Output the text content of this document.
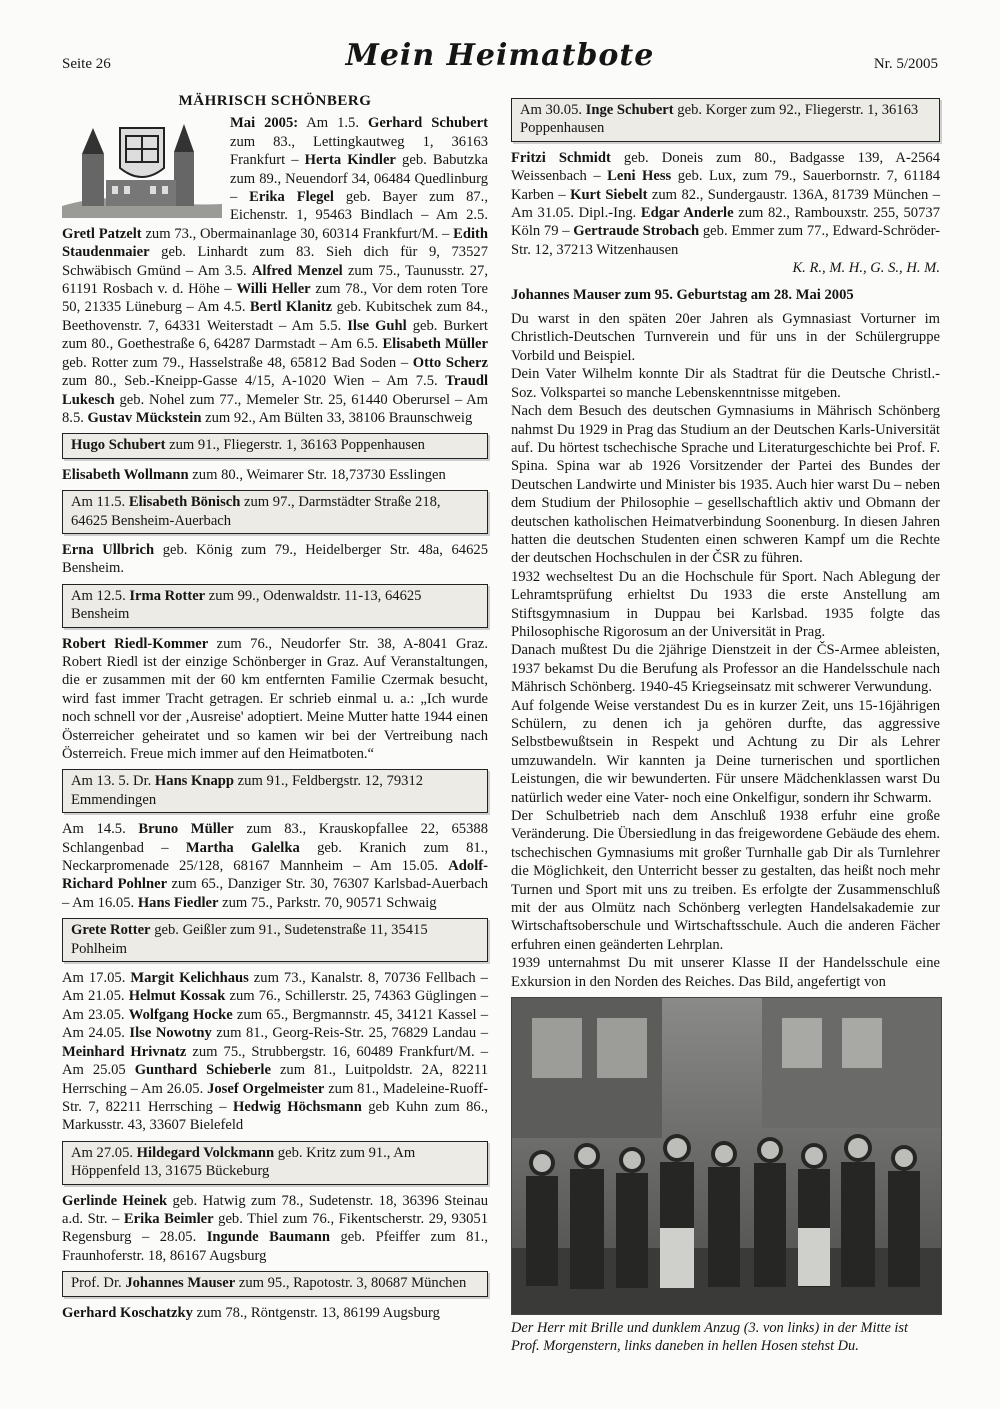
Seite 26	Mein Heimatbote	Nr. 5/2005
MÄHRISCH SCHÖNBERG

Mai 2005: Am 1.5. Gerhard Schubert zum 83., Lettingkautweg 1, 36163 Frankfurt – Herta Kindler geb. Babutzka zum 89., Neuendorf 34, 06484 Quedlinburg – Erika Flegel geb. Bayer zum 87., Eichenstr. 1, 95463 Bindlach – Am 2.5. Gretl Patzelt zum 73., Obermainanlage 30, 60314 Frankfurt/M. – Edith Staudenmaier geb. Linhardt zum 83. Sieh dich für 9, 73527 Schwäbisch Gmünd – Am 3.5. Alfred Menzel zum 75., Taunusstr. 27, 61191 Rosbach v. d. Höhe – Willi Heller zum 78., Vor dem roten Tore 50, 21335 Lüneburg – Am 4.5. Bertl Klanitz geb. Kubitschek zum 84., Beethovenstr. 7, 64331 Weiterstadt – Am 5.5. Ilse Guhl geb. Burkert zum 80., Goethestraße 6, 64287 Darmstadt – Am 6.5. Elisabeth Müller geb. Rotter zum 79., Hasselstraße 48, 65812 Bad Soden – Otto Scherz zum 80., Seb.-Kneipp-Gasse 4/15, A-1020 Wien – Am 7.5. Traudl Lukesch geb. Nohel zum 77., Memeler Str. 25, 61440 Oberursel – Am 8.5. Gustav Mückstein zum 92., Am Bülten 33, 38106 Braunschweig

Hugo Schubert zum 91., Fliegerstr. 1, 36163 Poppenhausen

Elisabeth Wollmann zum 80., Weimarer Str. 18,73730 Esslingen

Am 11.5. Elisabeth Bönisch zum 97., Darmstädter Straße 218, 64625 Bensheim-Auerbach

Erna Ullbrich geb. König zum 79., Heidelberger Str. 48a, 64625 Bensheim.

Am 12.5. Irma Rotter zum 99., Odenwaldstr. 11-13, 64625 Bensheim

Robert Riedl-Kommer zum 76., Neudorfer Str. 38, A-8041 Graz. Robert Riedl ist der einzige Schönberger in Graz. Auf Veranstaltungen, die er zusammen mit der 60 km entfernten Familie Czermak besucht, wird fast immer Tracht getragen. Er schrieb einmal u. a.: „Ich wurde noch schnell vor der ‚Ausreise' adoptiert. Meine Mutter hatte 1944 einen Österreicher geheiratet und so kamen wir bei der Vertreibung nach Österreich. Freue mich immer auf den Heimatboten.“

Am 13. 5. Dr. Hans Knapp zum 91., Feldbergstr. 12, 79312 Emmendingen

Am 14.5. Bruno Müller zum 83., Krauskopfallee 22, 65388 Schlangenbad – Martha Galelka geb. Kranich zum 81., Neckarpromenade 25/128, 68167 Mannheim – Am 15.05. Adolf-Richard Pohlner zum 65., Danziger Str. 30, 76307 Karlsbad-Auerbach – Am 16.05. Hans Fiedler zum 75., Parkstr. 70, 90571 Schwaig

Grete Rotter geb. Geißler zum 91., Sudetenstraße 11, 35415 Pohlheim

Am 17.05. Margit Kelichhaus zum 73., Kanalstr. 8, 70736 Fellbach – Am 21.05. Helmut Kossak zum 76., Schillerstr. 25, 74363 Güglingen – Am 23.05. Wolfgang Hocke zum 65., Bergmannstr. 45, 34121 Kassel – Am 24.05. Ilse Nowotny zum 81., Georg-Reis-Str. 25, 76829 Landau – Meinhard Hrivnatz zum 75., Strubbergstr. 16, 60489 Frankfurt/M. – Am 25.05 Gunthard Schieberle zum 81., Luitpoldstr. 2A, 82211 Herrsching – Am 26.05. Josef Orgelmeister zum 81., Madeleine-Ruoff-Str. 7, 82211 Herrsching – Hedwig Höchsmann geb Kuhn zum 86., Markusstr. 43, 33607 Bielefeld

Am 27.05. Hildegard Volckmann geb. Kritz zum 91., Am Höppenfeld 13, 31675 Bückeburg

Gerlinde Heinek geb. Hatwig zum 78., Sudetenstr. 18, 36396 Steinau a.d. Str. – Erika Beimler geb. Thiel zum 76., Fikentscherstr. 29, 93051 Regensburg – 28.05. Ingunde Baumann geb. Pfeiffer zum 81., Fraunhoferstr. 18, 86167 Augsburg

Prof. Dr. Johannes Mauser zum 95., Rapotostr. 3, 80687 München

Gerhard Koschatzky zum 78., Röntgenstr. 13, 86199 Augsburg

Am 30.05. Inge Schubert geb. Korger zum 92., Fliegerstr. 1, 36163 Poppenhausen

Fritzi Schmidt geb. Doneis zum 80., Badgasse 139, A-2564 Weissenbach – Leni Hess geb. Lux, zum 79., Sauerbornstr. 7, 61184 Karben – Kurt Siebelt zum 82., Sundergaustr. 136A, 81739 München – Am 31.05. Dipl.-Ing. Edgar Anderle zum 82., Rambouxstr. 255, 50737 Köln 79 – Gertraude Strobach geb. Emmer zum 77., Edward-Schröder-Str. 12, 37213 Witzenhausen

K. R., M. H., G. S., H. M.
Johannes Mauser zum 95. Geburtstag am 28. Mai 2005

Du warst in den späten 20er Jahren als Gymnasiast Vorturner im Christlich-Deutschen Turnverein und für uns in der Schülergruppe Vorbild und Beispiel.

Dein Vater Wilhelm konnte Dir als Stadtrat für die Deutsche Christl.-Soz. Volkspartei so manche Lebenskenntnisse mitgeben.

Nach dem Besuch des deutschen Gymnasiums in Mährisch Schönberg nahmst Du 1929 in Prag das Studium an der Deutschen Karls-Universität auf. Du hörtest tschechische Sprache und Literaturgeschichte bei Prof. F. Spina. Spina war ab 1926 Vorsitzender der Partei des Bundes der Deutschen Landwirte und Minister bis 1935. Auch hier warst Du – neben dem Studium der Philosophie – gesellschaftlich aktiv und Obmann der deutschen katholischen Heimatverbindung Soonenburg. In diesen Jahren hatten die deutschen Studenten einen schweren Kampf um die Rechte der deutschen Hochschulen in der ČSR zu führen.

1932 wechseltest Du an die Hochschule für Sport. Nach Ablegung der Lehramtsprüfung erhieltst Du 1933 die erste Anstellung am Stiftsgymnasium in Duppau bei Karlsbad. 1935 folgte das Philosophische Rigorosum an der Universität in Prag.

Danach mußtest Du die 2jährige Dienstzeit in der ČS-Armee ableisten, 1937 bekamst Du die Berufung als Professor an die Handelsschule nach Mährisch Schönberg. 1940-45 Kriegseinsatz mit schwerer Verwundung.

Auf folgende Weise verstandest Du es in kurzer Zeit, uns 15-16jährigen Schülern, zu denen ich ja gehören durfte, das aggressive Selbstbewußtsein in Respekt und Achtung zu Dir als Lehrer umzuwandeln. Wir kannten ja Deine turnerischen und sportlichen Leistungen, die wir bewunderten. Für unsere Mädchenklassen warst Du natürlich weder eine Vater- noch eine Onkelfigur, sondern ihr Schwarm.

Der Schulbetrieb nach dem Anschluß 1938 erfuhr eine große Veränderung. Die Übersiedlung in das freigewordene Gebäude des ehem. tschechischen Gymnasiums mit großer Turnhalle gab Dir als Turnlehrer die Möglichkeit, den Unterricht besser zu gestalten, das heißt noch mehr Turnen und Sport mit uns zu treiben. Es erfolgte der Zusammenschluß mit der aus Olmütz nach Schönberg verlegten Handelsakademie zur Wirtschaftsoberschule und Wirtschaftsschule. Auch die anderen Fächer erfuhren einen geänderten Lehrplan.

1939 unternahmst Du mit unserer Klasse II der Handelsschule eine Exkursion in den Norden des Reiches. Das Bild, angefertigt von

Der Herr mit Brille und dunklem Anzug (3. von links) in der Mitte ist Prof. Morgenstern, links daneben in hellen Hosen stehst Du.
